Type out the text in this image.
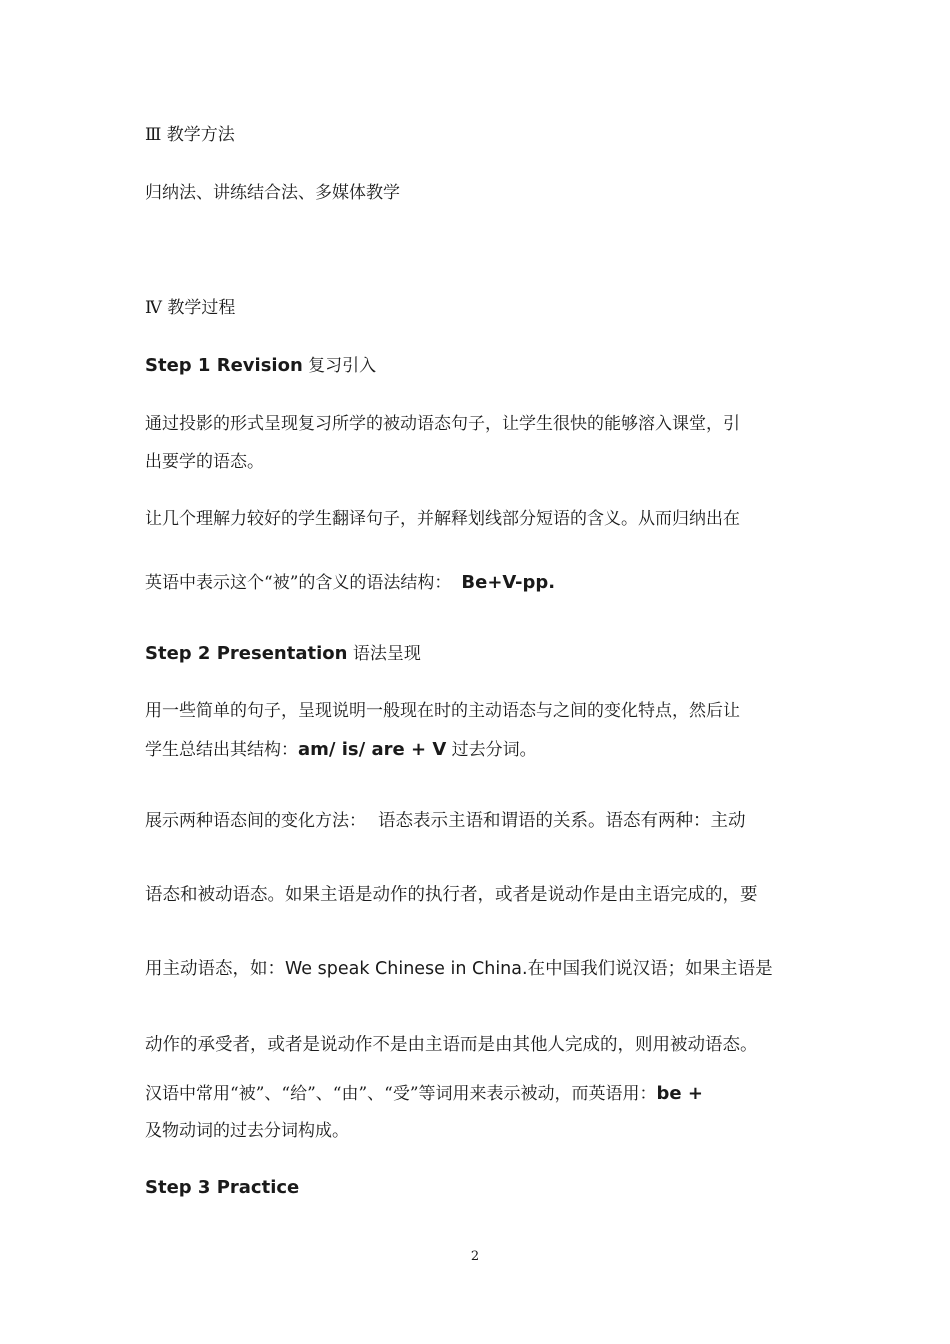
Ⅲ 教学方法
归纳法、讲练结合法、多媒体教学
Ⅳ 教学过程
Step 1 Revision 复习引入
通过投影的形式呈现复习所学的被动语态句子，让学生很快的能够溶入课堂，引
出要学的语态。
让几个理解力较好的学生翻译句子，并解释划线部分短语的含义。从而归纳出在
英语中表示这个“被”的含义的语法结构： Be+V-pp.
Step 2 Presentation 语法呈现
用一些简单的句子，呈现说明一般现在时的主动语态与之间的变化特点，然后让
学生总结出其结构：am/ is/ are + V 过去分词。
展示两种语态间的变化方法： 语态表示主语和谓语的关系。语态有两种：主动
语态和被动语态。如果主语是动作的执行者，或者是说动作是由主语完成的，要
用主动语态，如：We speak Chinese in China.在中国我们说汉语；如果主语是
动作的承受者，或者是说动作不是由主语而是由其他人完成的，则用被动语态。
汉语中常用“被”、“给”、“由”、“受”等词用来表示被动，而英语用：be +
及物动词的过去分词构成。
Step 3 Practice
2
